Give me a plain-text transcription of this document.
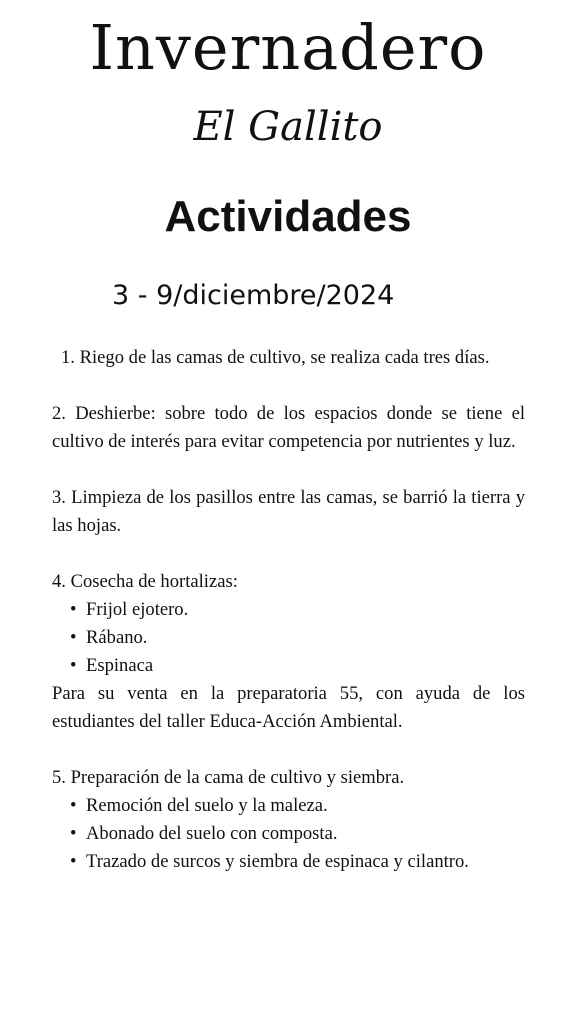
Invernadero
El Gallito
Actividades
3 - 9/diciembre/2024

1. Riego de las camas de cultivo, se realiza cada tres días.

2. Deshierbe: sobre todo de los espacios donde se tiene el cultivo de interés para evitar competencia por nutrientes y luz.

3. Limpieza de los pasillos entre las camas, se barrió la tierra y las hojas.

4. Cosecha de hortalizas:

• Frijol ejotero.
• Rábano.
• Espinaca

Para su venta en la preparatoria 55, con ayuda de los estudiantes del taller Educa-Acción Ambiental.

5. Preparación de la cama de cultivo y siembra.

• Remoción del suelo y la maleza.
• Abonado del suelo con composta.
• Trazado de surcos y siembra de espinaca y cilantro.
